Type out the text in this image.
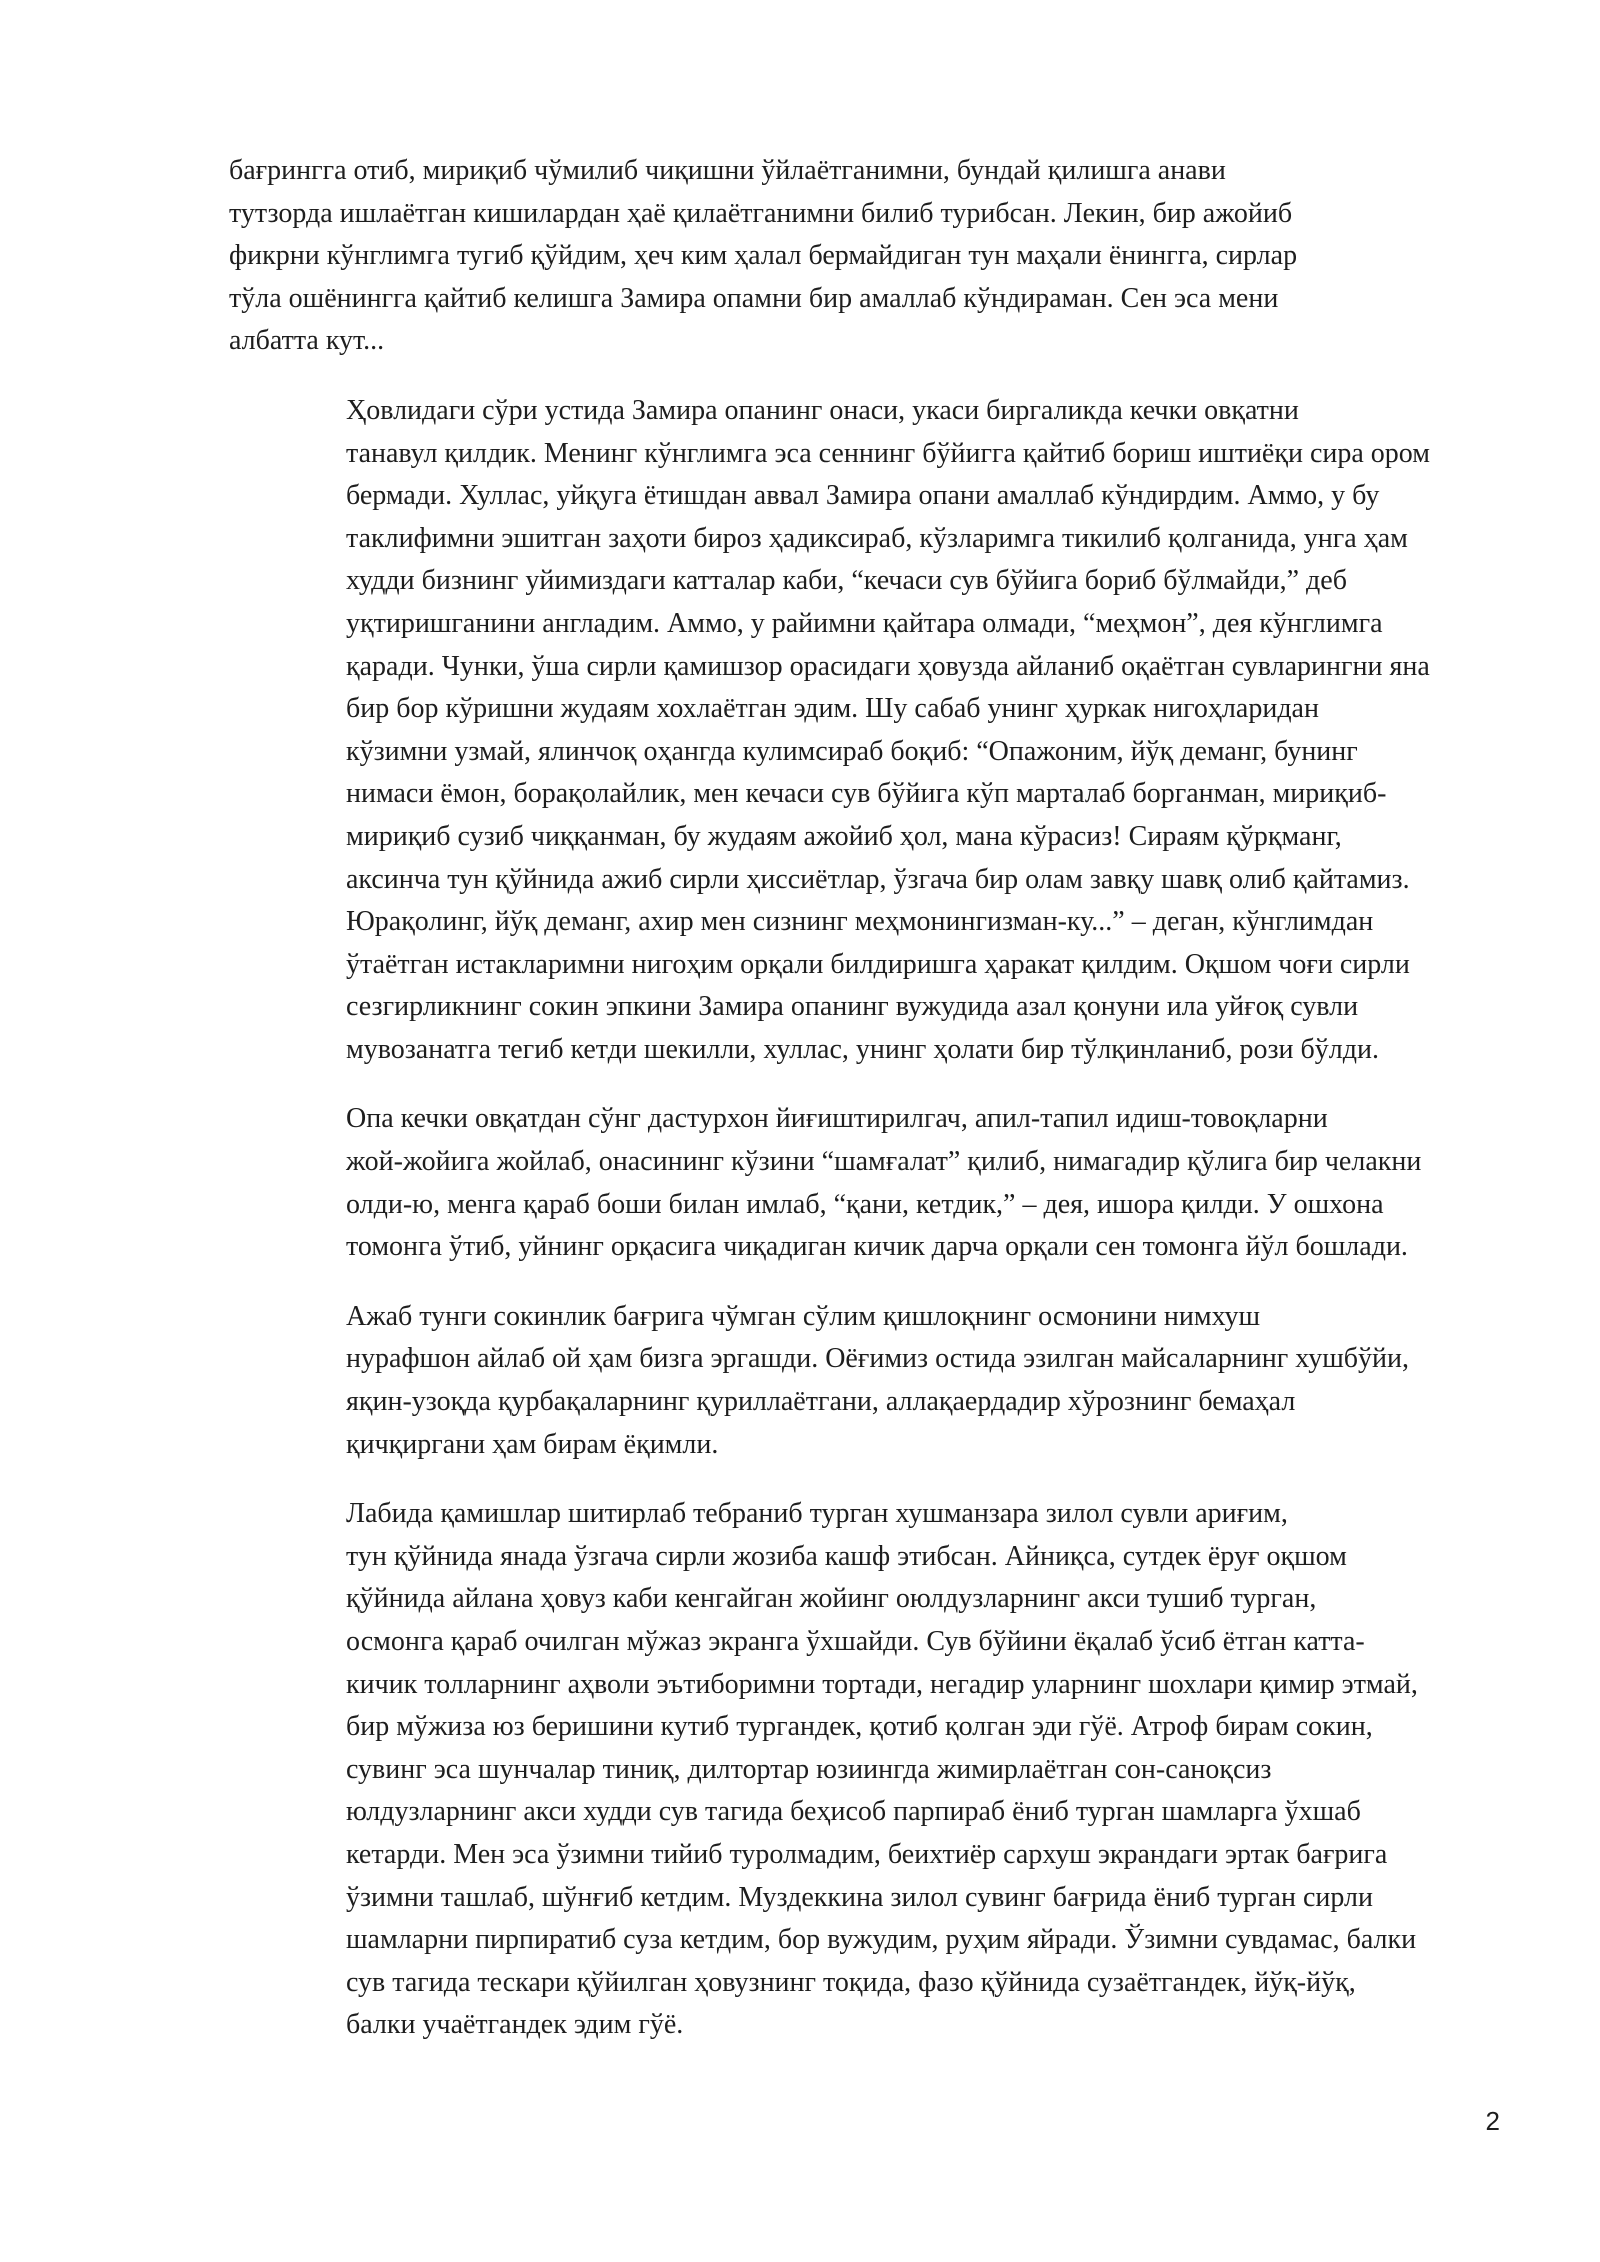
бағрингга отиб, мириқиб чўмилиб чиқишни ўйлаётганимни, бундай қилишга анави
тутзорда ишлаётган кишилардан ҳаё қилаётганимни билиб турибсан. Лекин, бир ажойиб
фикрни кўнглимга тугиб қўйдим, ҳеч ким ҳалал бермайдиган тун маҳали ёнингга, сирлар
тўла ошёнингга қайтиб келишга Замира опамни бир амаллаб кўндираман. Сен эса мени
албатта кут...

Ҳовлидаги сўри устида Замира опанинг онаси, укаси биргаликда кечки овқатни
танавул қилдик. Менинг кўнглимга эса сеннинг бўйигга қайтиб бориш иштиёқи сира ором
бермади. Хуллас, уйқуга ётишдан аввал Замира опани амаллаб кўндирдим. Аммо, у бу
таклифимни эшитган заҳоти бироз ҳадиксираб, кўзларимга тикилиб қолганида, унга ҳам
худди бизнинг уйимиздаги катталар каби, “кечаси сув бўйига бориб бўлмайди,” деб
уқтиришганини англадим. Аммо, у райимни қайтара олмади, “меҳмон”, дея кўнглимга
қаради. Чунки, ўша сирли қамишзор орасидаги ҳовузда айланиб оқаётган сувларингни яна
бир бор кўришни жудаям хохлаётган эдим. Шу сабаб унинг ҳуркак нигоҳларидан
кўзимни узмай, ялинчоқ оҳангда кулимсираб боқиб: “Опажоним, йўқ деманг, бунинг
нимаси ёмон, борақолайлик, мен кечаси сув бўйига кўп марталаб борганман, мириқиб-
мириқиб сузиб чиққанман, бу жудаям ажойиб ҳол, мана кўрасиз! Сираям қўрқманг,
аксинча тун қўйнида ажиб сирли ҳиссиётлар, ўзгача бир олам завқу шавқ олиб қайтамиз.
Юрақолинг, йўқ деманг, ахир мен сизнинг меҳмонингизман-ку...” – деган, кўнглимдан
ўтаётган истакларимни нигоҳим орқали билдиришга ҳаракат қилдим. Оқшом чоғи сирли
сезгирликнинг сокин эпкини Замира опанинг вужудида азал қонуни ила уйғоқ сувли
мувозанатга тегиб кетди шекилли, хуллас, унинг ҳолати бир тўлқинланиб, рози бўлди.

Опа кечки овқатдан сўнг дастурхон йиғиштирилгач, апил-тапил идиш-товоқларни
жой-жойига жойлаб, онасининг кўзини “шамғалат” қилиб, нимагадир қўлига бир челакни
олди-ю, менга қараб боши билан имлаб, “қани, кетдик,” – дея, ишора қилди. У ошхона
томонга ўтиб, уйнинг орқасига чиқадиган кичик дарча орқали сен томонга йўл бошлади.

Ажаб тунги сокинлик бағрига чўмган сўлим қишлоқнинг осмонини нимхуш
нурафшон айлаб ой ҳам бизга эргашди. Оёғимиз остида эзилган майсаларнинг хушбўйи,
яқин-узоқда қурбақаларнинг қуриллаётгани, аллақаердадир хўрознинг бемаҳал
қичқиргани ҳам бирам ёқимли.

Лабида қамишлар шитирлаб тебраниб турган хушманзара зилол сувли ариғим,
тун қўйнида янада ўзгача сирли жозиба кашф этибсан. Айниқса, сутдек ёруғ оқшом
қўйнида айлана ҳовуз каби кенгайган жойинг оюлдузларнинг акси тушиб турган,
осмонга қараб очилган мўжаз экранга ўхшайди. Сув бўйини ёқалаб ўсиб ётган катта-
кичик толларнинг аҳволи эътиборимни тортади, негадир уларнинг шохлари қимир этмай,
бир мўжиза юз беришини кутиб тургандек, қотиб қолган эди гўё. Атроф бирам сокин,
сувинг эса шунчалар тиниқ, дилтортар юзиингда жимирлаётган сон-саноқсиз
юлдузларнинг акси худди сув тагида беҳисоб парпираб ёниб турган шамларга ўхшаб
кетарди. Мен эса ўзимни тийиб туролмадим, беихтиёр сархуш экрандаги эртак бағрига
ўзимни ташлаб, шўнғиб кетдим. Муздеккина зилол сувинг бағрида ёниб турган сирли
шамларни пирпиратиб суза кетдим, бор вужудим, руҳим яйради. Ўзимни сувдамас, балки
сув тагида тескари қўйилган ҳовузнинг тоқида, фазо қўйнида сузаётгандек, йўқ-йўқ,
балки учаётгандек эдим гўё.

2
